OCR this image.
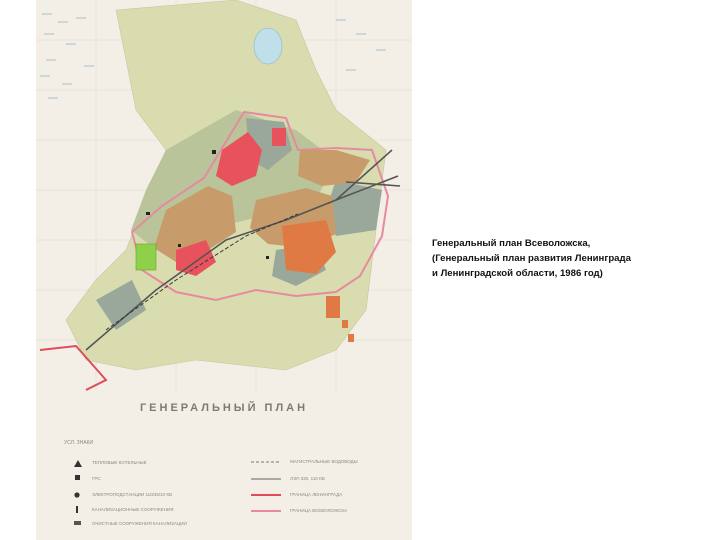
ГЕНЕРАЛЬНЫЙ ПЛАН
УСЛ. ЗНАКИ
ТЕПЛОВЫЕ КОТЕЛЬНЫЕ
ГРС
ЭЛЕКТРОПОДСТАНЦИИ 110/35/10 КВ
КАНАЛИЗАЦИОННЫЕ СООРУЖЕНИЯ
ОЧИСТНЫЕ СООРУЖЕНИЯ КАНАЛИЗАЦИИ
МАГИСТРАЛЬНЫЕ ВОДОВОДЫ
ЛЭП 330, 110 КВ
ГРАНИЦА ЛЕНИНГРАДА
ГРАНИЦА ВСЕВОЛОЖСКА
Генеральный план Всеволожска,
(Генеральный план развития Ленинграда
и Ленинградской области, 1986 год)
